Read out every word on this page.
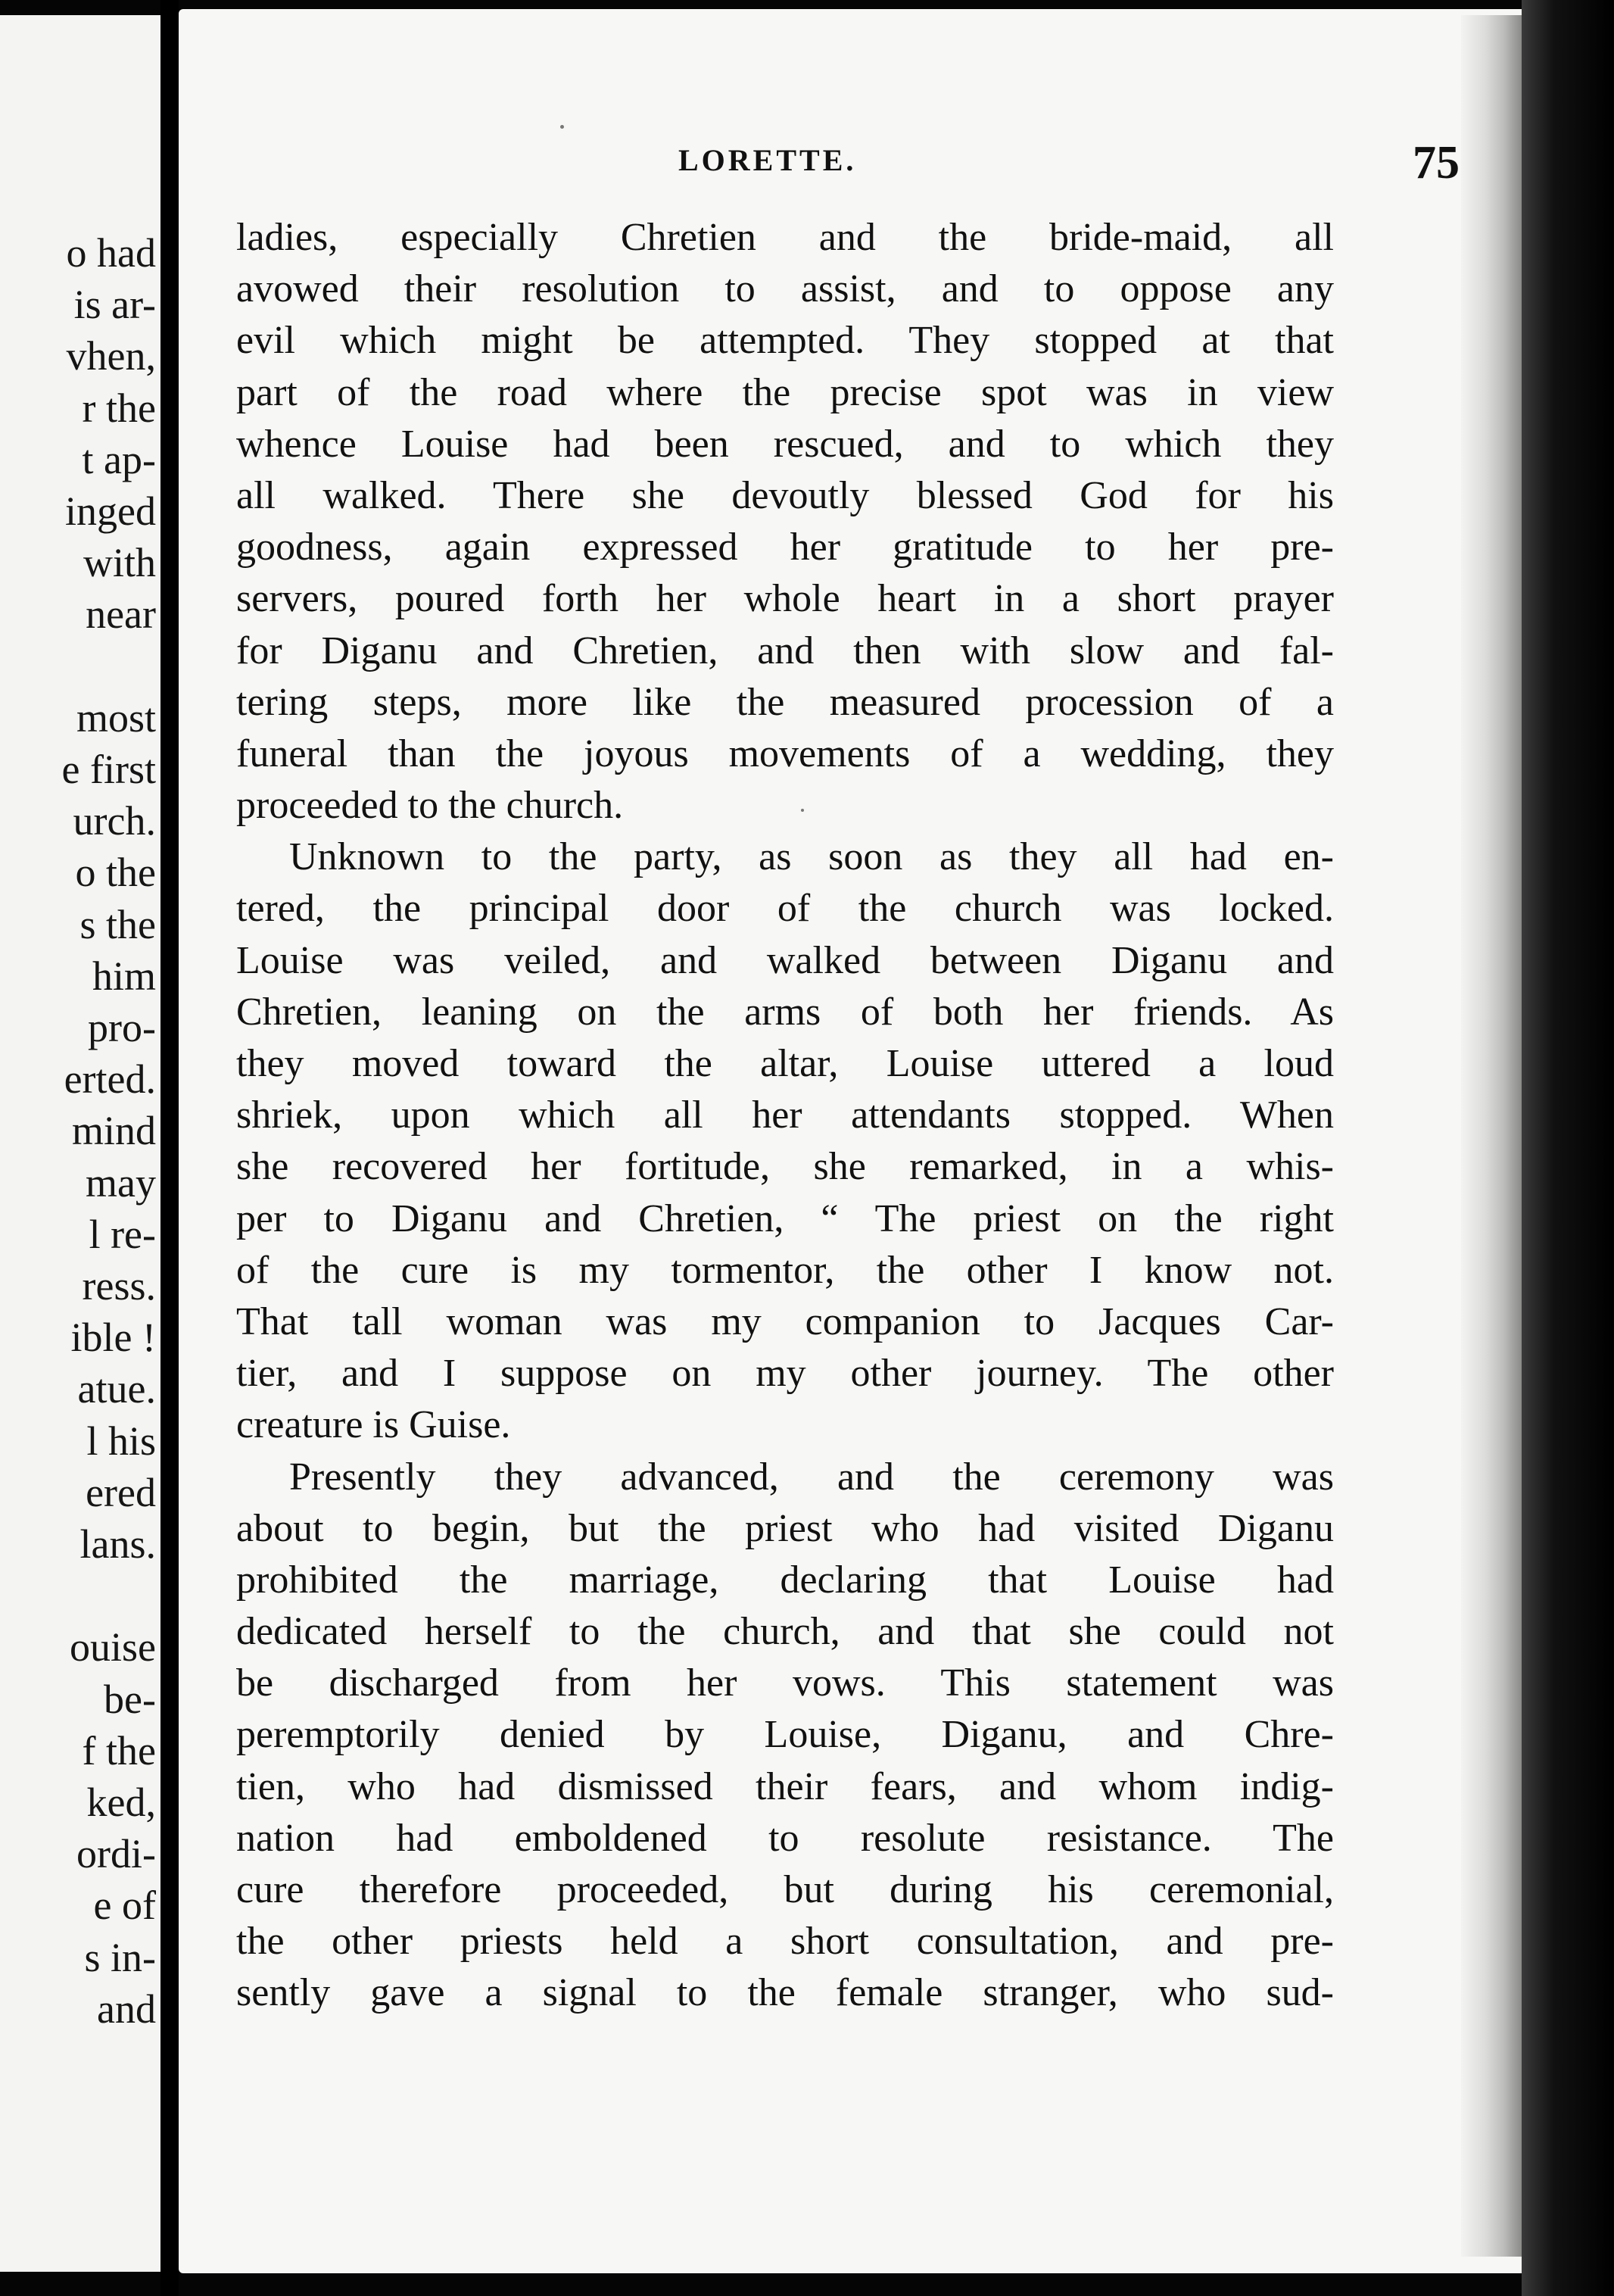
o had
is ar-
vhen,
r the
t ap-
inged
with
near
most
e first
urch.
o the
s the
him
pro-
erted.
mind
may
l re-
ress.
ible !
atue.
l his
ered
lans.
ouise
be-
f the
ked,
ordi-
e of
s in-
and
LORETTE.	75
ladies, especially Chretien and the bride-maid, all
avowed their resolution to assist, and to oppose any
evil which might be attempted. They stopped at that
part of the road where the precise spot was in view
whence Louise had been rescued, and to which they
all walked. There she devoutly blessed God for his
goodness, again expressed her gratitude to her pre-
servers, poured forth her whole heart in a short prayer
for Diganu and Chretien, and then with slow and fal-
tering steps, more like the measured procession of a
funeral than the joyous movements of a wedding, they
proceeded to the church.
Unknown to the party, as soon as they all had en-
tered, the principal door of the church was locked.
Louise was veiled, and walked between Diganu and
Chretien, leaning on the arms of both her friends. As
they moved toward the altar, Louise uttered a loud
shriek, upon which all her attendants stopped. When
she recovered her fortitude, she remarked, in a whis-
per to Diganu and Chretien, “ The priest on the right
of the cure is my tormentor, the other I know not.
That tall woman was my companion to Jacques Car-
tier, and I suppose on my other journey. The other
creature is Guise.
Presently they advanced, and the ceremony was
about to begin, but the priest who had visited Diganu
prohibited the marriage, declaring that Louise had
dedicated herself to the church, and that she could not
be discharged from her vows. This statement was
peremptorily denied by Louise, Diganu, and Chre-
tien, who had dismissed their fears, and whom indig-
nation had emboldened to resolute resistance. The
cure therefore proceeded, but during his ceremonial,
the other priests held a short consultation, and pre-
sently gave a signal to the female stranger, who sud-
